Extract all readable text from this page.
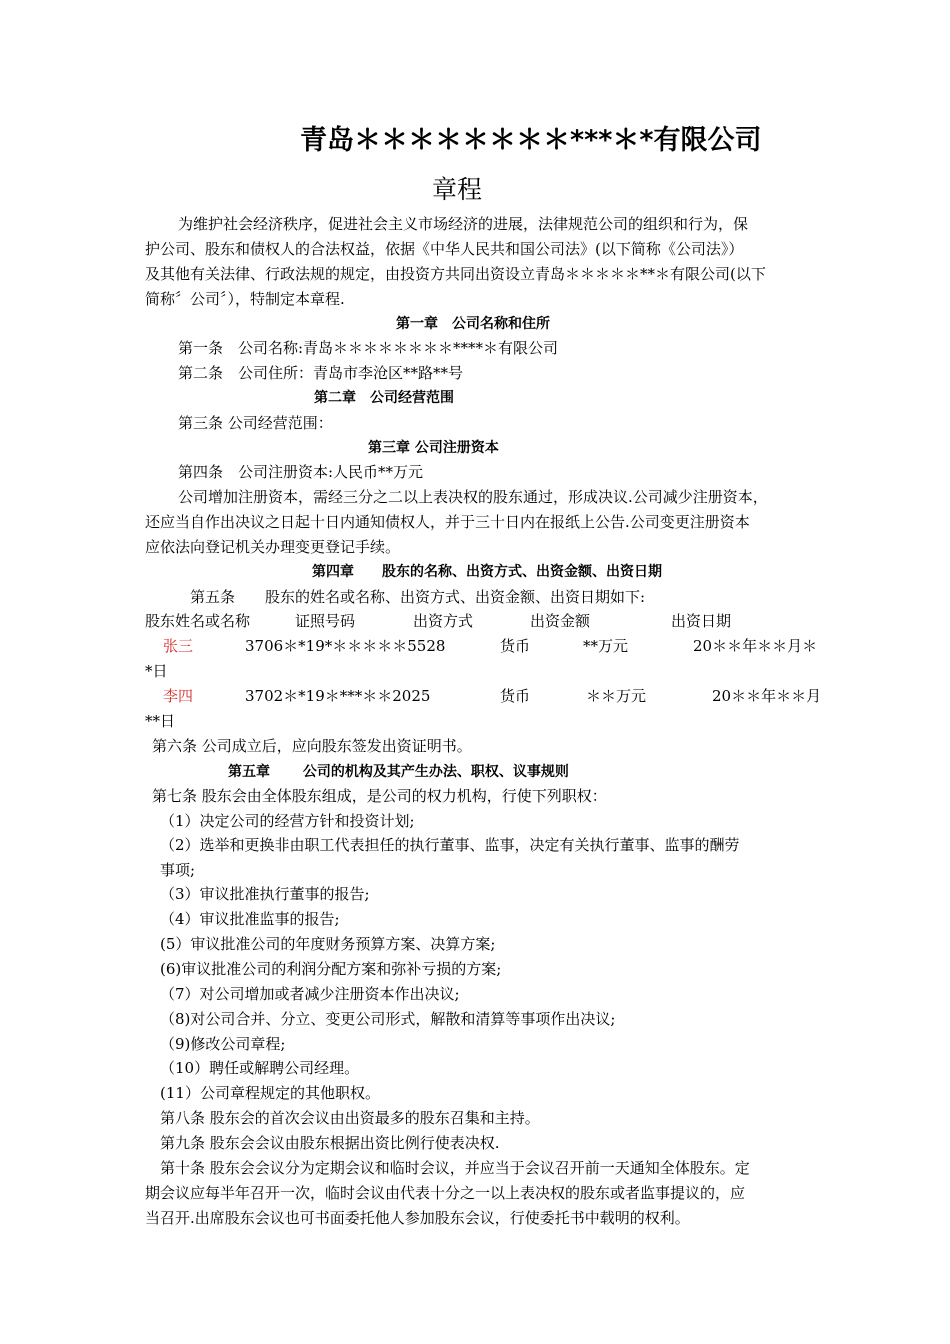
青岛＊＊＊＊＊＊＊＊***＊*有限公司
章程
为维护社会经济秩序，促进社会主义市场经济的进展，法律规范公司的组织和行为，保
护公司、股东和债权人的合法权益，依据《中华人民共和国公司法》(以下简称《公司法》）
及其他有关法律、行政法规的规定，由投资方共同出资设立青岛＊＊＊＊＊**＊有限公司(以下
简称〞公司〞），特制定本章程.
第一章　公司名称和住所
第一条　公司名称:青岛＊＊＊＊＊＊＊＊****＊有限公司
第二条　公司住所：青岛市李沧区**路**号
第二章　公司经营范围
第三条 公司经营范围：
第三章 公司注册资本
第四条　公司注册资本:人民币**万元
公司增加注册资本，需经三分之二以上表决权的股东通过，形成决议.公司减少注册资本，
还应当自作出决议之日起十日内通知债权人，并于三十日内在报纸上公告.公司变更注册资本
应依法向登记机关办理变更登记手续。
第四章　　股东的名称、出资方式、出资金额、出资日期
第五条　　股东的姓名或名称、出资方式、出资金额、出资日期如下:
股东姓名或名称	证照号码	出资方式	出资金额	出资日期
张三	3706＊*19*＊＊＊＊＊5528	货币	**万元	20＊＊年＊＊月＊
*日
李四	3702＊*19＊***＊＊2025	货币	＊＊万元	20＊＊年＊＊月
**日
第六条 公司成立后，应向股东签发出资证明书。
第五章　　 公司的机构及其产生办法、职权、议事规则
第七条 股东会由全体股东组成，是公司的权力机构，行使下列职权：
（1）决定公司的经营方针和投资计划;
（2）选举和更换非由职工代表担任的执行董事、监事，决定有关执行董事、监事的酬劳
事项;
（3）审议批准执行董事的报告;
（4）审议批准监事的报告;
(5）审议批准公司的年度财务预算方案、决算方案;
(6)审议批准公司的利润分配方案和弥补亏损的方案;
（7）对公司增加或者减少注册资本作出决议;
（8)对公司合并、分立、变更公司形式，解散和清算等事项作出决议;
（9)修改公司章程;
（10）聘任或解聘公司经理。
(11）公司章程规定的其他职权。
第八条 股东会的首次会议由出资最多的股东召集和主持。
第九条 股东会会议由股东根据出资比例行使表决权.
第十条 股东会会议分为定期会议和临时会议，并应当于会议召开前一天通知全体股东。定
期会议应每半年召开一次，临时会议由代表十分之一以上表决权的股东或者监事提议的，应
当召开.出席股东会议也可书面委托他人参加股东会议，行使委托书中载明的权利。
